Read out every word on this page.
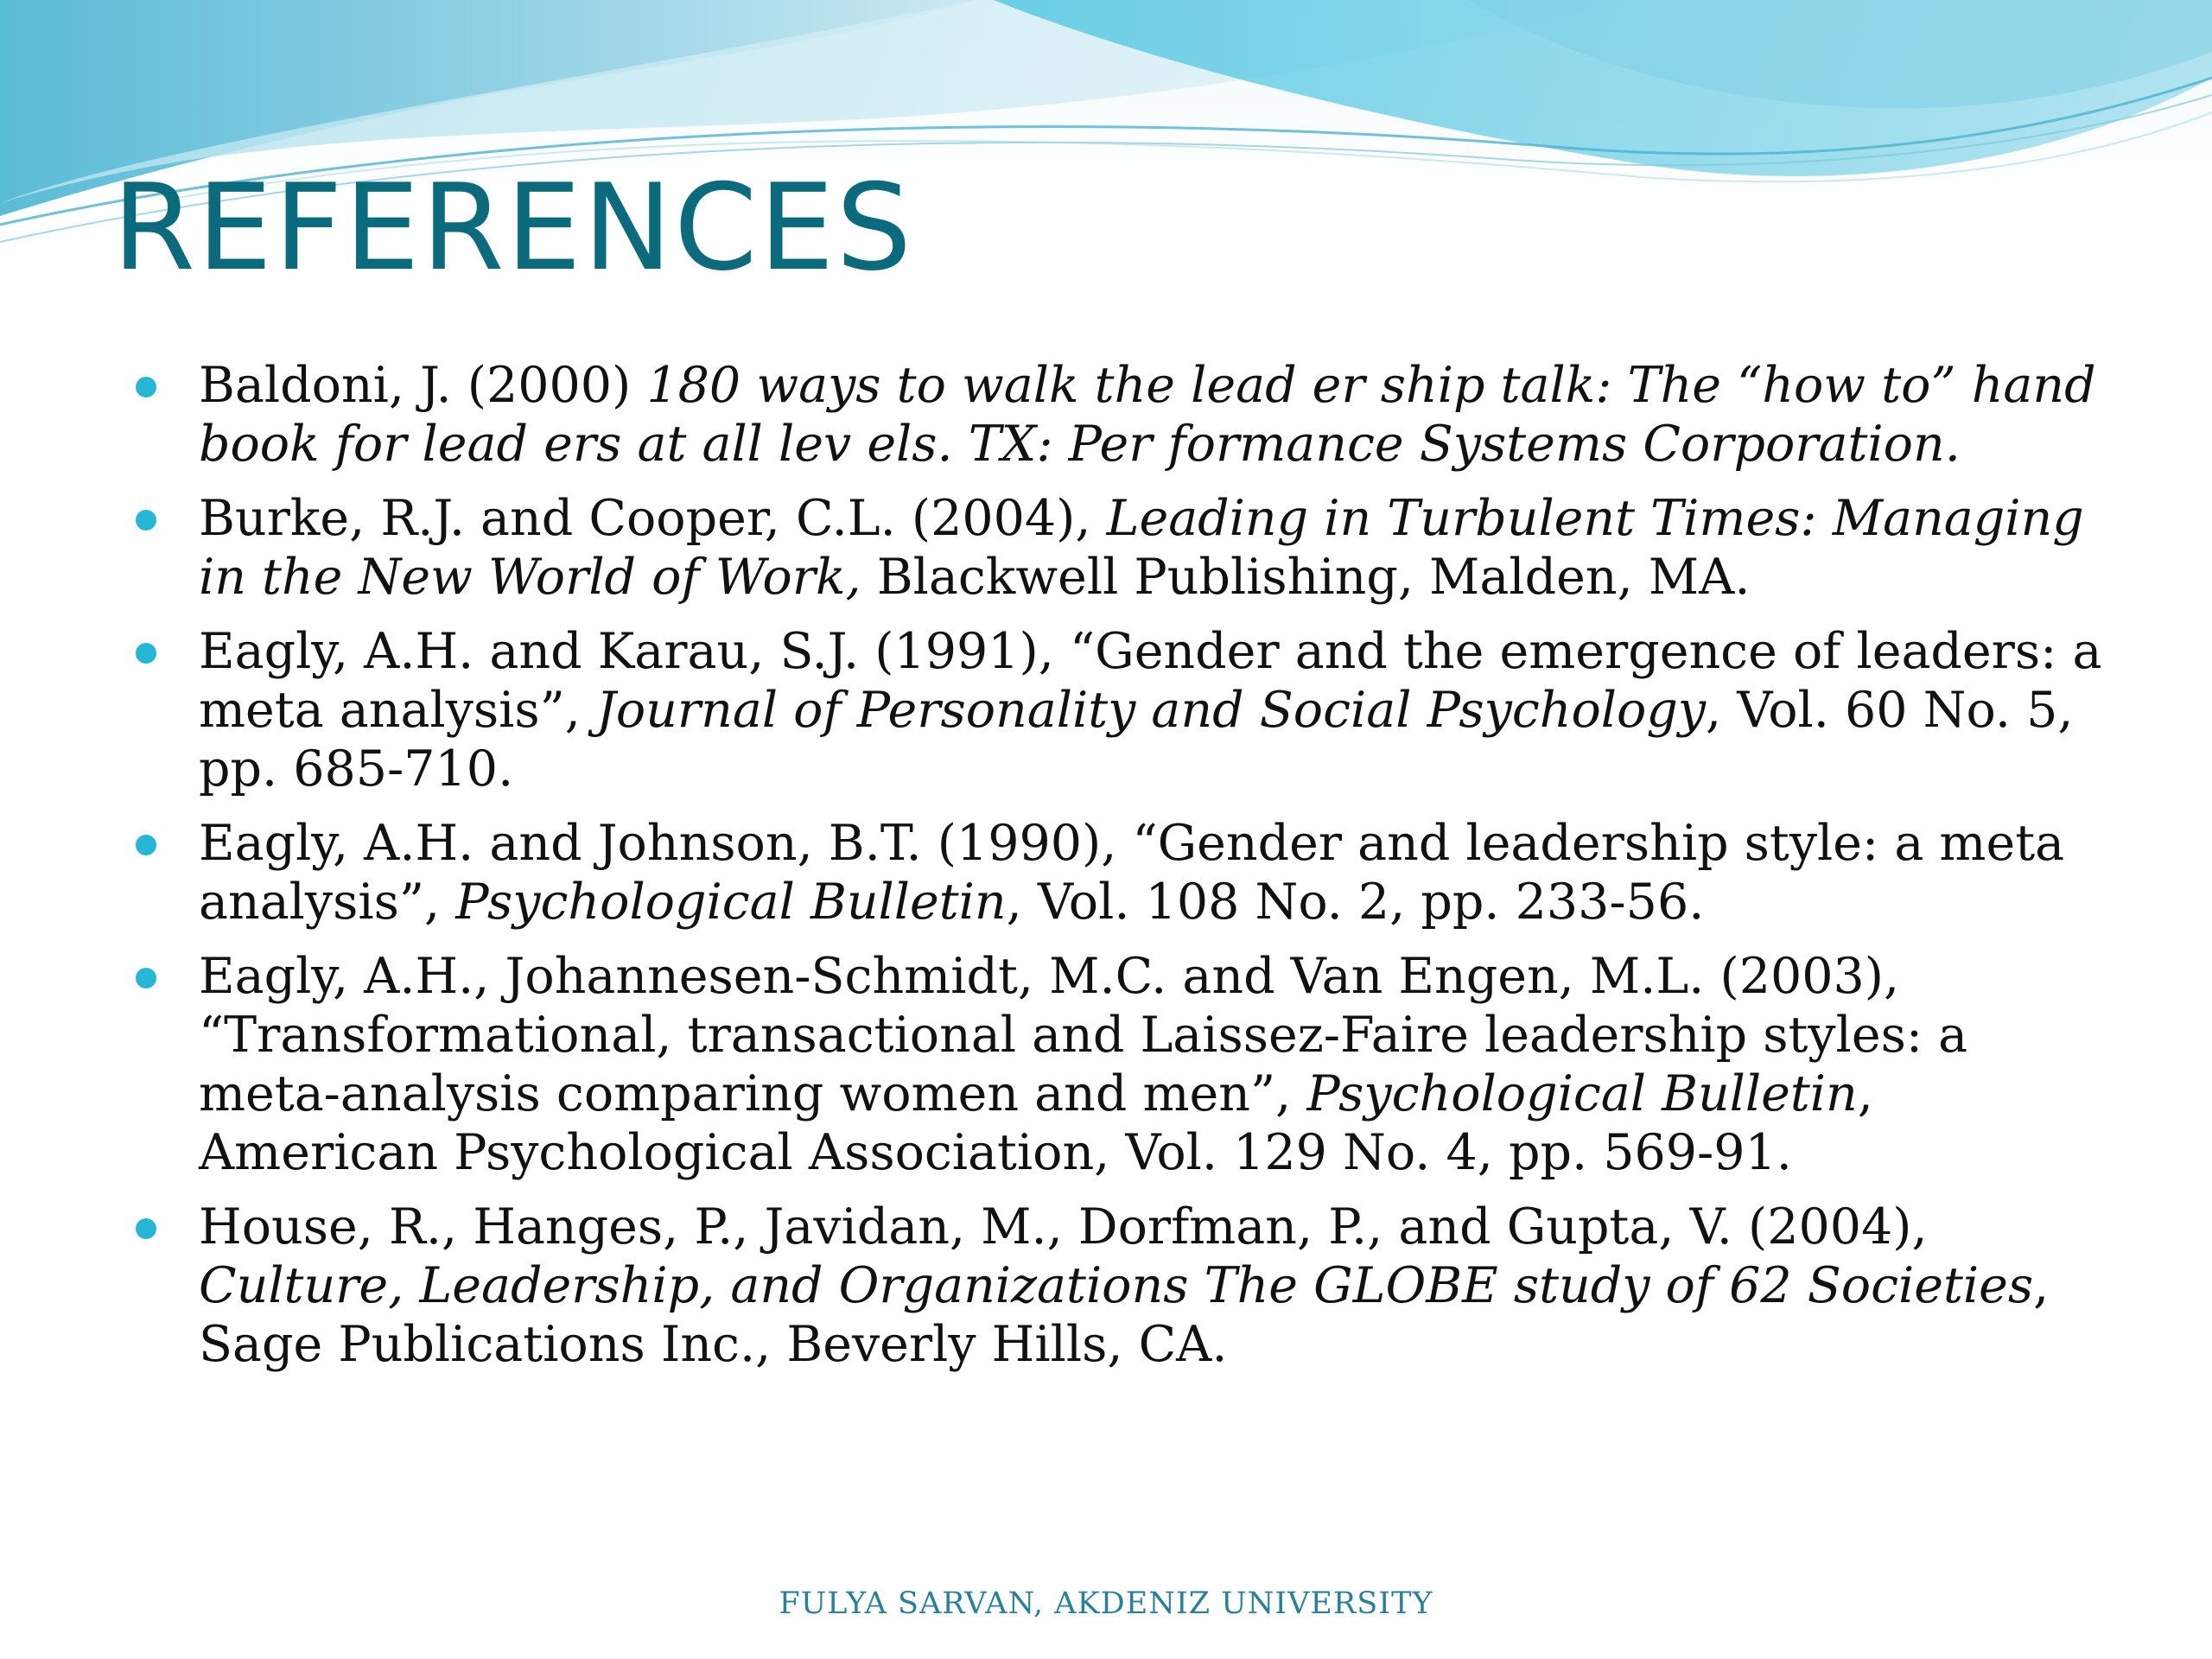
REFERENCES
Baldoni, J. (2000) 180 ways to walk the lead er ship talk: The “how to” hand book for lead ers at all lev els. TX: Per formance Systems Corporation.
Burke, R.J. and Cooper, C.L. (2004), Leading in Turbulent Times: Managing in the New World of Work, Blackwell Publishing, Malden, MA.
Eagly, A.H. and Karau, S.J. (1991), “Gender and the emergence of leaders: a meta analysis”, Journal of Personality and Social Psychology, Vol. 60 No. 5, pp. 685-710.
Eagly, A.H. and Johnson, B.T. (1990), “Gender and leadership style: a meta analysis”, Psychological Bulletin, Vol. 108 No. 2, pp. 233-56.
Eagly, A.H., Johannesen-Schmidt, M.C. and Van Engen, M.L. (2003), “Transformational, transactional and Laissez-Faire leadership styles: a meta-analysis comparing women and men”, Psychological Bulletin, American Psychological Association, Vol. 129 No. 4, pp. 569-91.
House, R., Hanges, P., Javidan, M., Dorfman, P., and Gupta, V. (2004), Culture, Leadership, and Organizations The GLOBE study of 62 Societies, Sage Publications Inc., Beverly Hills, CA.
FULYA SARVAN, AKDENIZ UNIVERSITY
